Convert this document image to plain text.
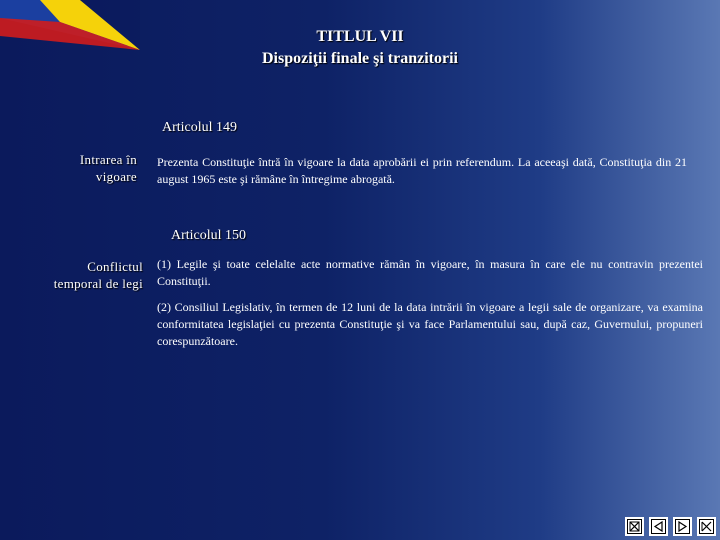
TITLUL VII
Dispoziţii finale şi tranzitorii
Articolul 149
Intrarea în
vigoare
Prezenta Constituţie întră în vigoare la data aprobării ei prin referendum. La aceeaşi dată, Constituţia din 21 august 1965 este şi rămâne în întregime abrogată.
Articolul 150
Conflictul
temporal de legi
(1) Legile şi toate celelalte acte normative rămân în vigoare, în masura în care ele nu contravin prezentei Constituţii.
(2) Consiliul Legislativ, în termen de 12 luni de la data intrării în vigoare a legii sale de organizare, va examina conformitatea legislaţiei cu prezenta Constituţie şi va face Parlamentului sau, după caz, Guvernului, propuneri corespunzătoare.
